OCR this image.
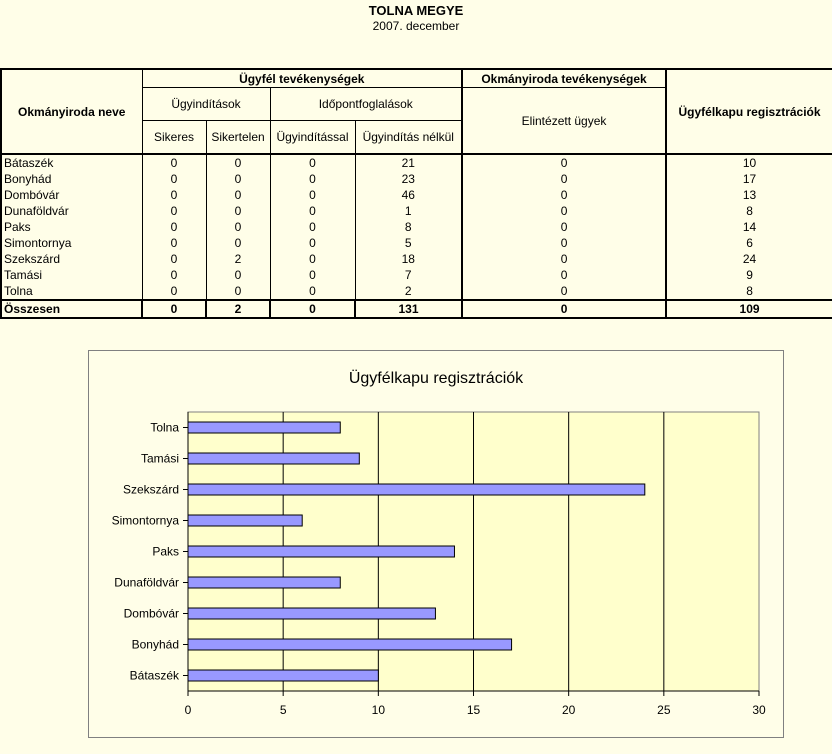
TOLNA MEGYE
2007. december
Okmányiroda neve	Ügyfél tevékenységek				Okmányiroda tevékenységek	Ügyfélkapu regisztrációk
	Ügyindítások		Időpontfoglalások		Elintézett ügyek	
	Sikeres	Sikertelen	Ügyindítással	Ügyindítás nélkül		
Bátaszék	0	0	0	21	0	10
Bonyhád	0	0	0	23	0	17
Dombóvár	0	0	0	46	0	13
Dunaföldvár	0	0	0	1	0	8
Paks	0	0	0	8	0	14
Simontornya	0	0	0	5	0	6
Szekszárd	0	2	0	18	0	24
Tamási	0	0	0	7	0	9
Tolna	0	0	0	2	0	8
Összesen	0	2	0	131	0	109
Ügyfélkapu regisztrációk
0	5	10	15	20	25	30
Bátaszék
Bonyhád
Dombóvár
Dunaföldvár
Paks
Simontornya
Szekszárd
Tamási
Tolna
